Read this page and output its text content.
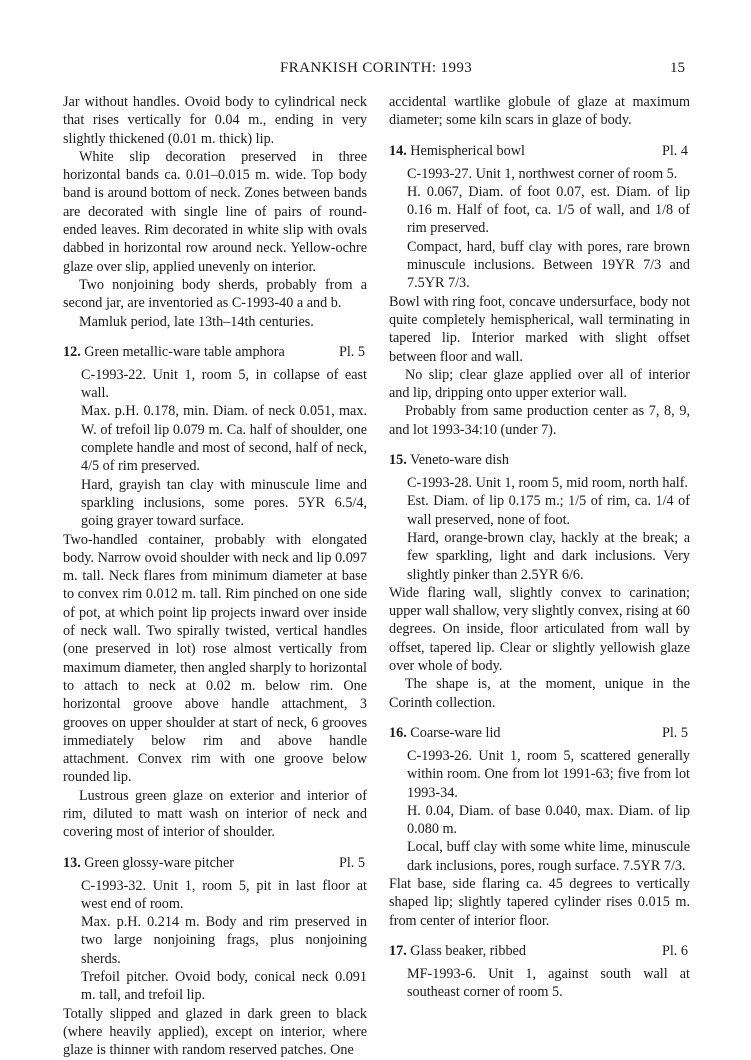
FRANKISH CORINTH: 1993	15

Jar without handles. Ovoid body to cylindrical neck that rises vertically for 0.04 m., ending in very slightly thickened (0.01 m. thick) lip.

White slip decoration preserved in three horizontal bands ca. 0.01–0.015 m. wide. Top body band is around bottom of neck. Zones between bands are decorated with single line of pairs of round-ended leaves. Rim decorated in white slip with ovals dabbed in horizontal row around neck. Yellow-ochre glaze over slip, applied unevenly on interior.

Two nonjoining body sherds, probably from a second jar, are inventoried as C-1993-40 a and b.

Mamluk period, late 13th–14th centuries.

12. Green metallic-ware table amphora	Pl. 5

C-1993-22. Unit 1, room 5, in collapse of east wall.

Max. p.H. 0.178, min. Diam. of neck 0.051, max. W. of trefoil lip 0.079 m. Ca. half of shoulder, one complete handle and most of second, half of neck, 4/5 of rim preserved.

Hard, grayish tan clay with minuscule lime and sparkling inclusions, some pores. 5YR 6.5/4, going grayer toward surface.

Two-handled container, probably with elongated body. Narrow ovoid shoulder with neck and lip 0.097 m. tall. Neck flares from minimum diameter at base to convex rim 0.012 m. tall. Rim pinched on one side of pot, at which point lip projects inward over inside of neck wall. Two spirally twisted, vertical handles (one preserved in lot) rose almost vertically from maximum diameter, then angled sharply to horizontal to attach to neck at 0.02 m. below rim. One horizontal groove above handle attachment, 3 grooves on upper shoulder at start of neck, 6 grooves immediately below rim and above handle attachment. Convex rim with one groove below rounded lip.

Lustrous green glaze on exterior and interior of rim, diluted to matt wash on interior of neck and covering most of interior of shoulder.

13. Green glossy-ware pitcher	Pl. 5

C-1993-32. Unit 1, room 5, pit in last floor at west end of room.

Max. p.H. 0.214 m. Body and rim preserved in two large nonjoining frags, plus nonjoining sherds.

Trefoil pitcher. Ovoid body, conical neck 0.091 m. tall, and trefoil lip.

Totally slipped and glazed in dark green to black (where heavily applied), except on interior, where glaze is thinner with random reserved patches. One

accidental wartlike globule of glaze at maximum diameter; some kiln scars in glaze of body.

14. Hemispherical bowl	Pl. 4

C-1993-27. Unit 1, northwest corner of room 5.

H. 0.067, Diam. of foot 0.07, est. Diam. of lip 0.16 m. Half of foot, ca. 1/5 of wall, and 1/8 of rim preserved.

Compact, hard, buff clay with pores, rare brown minuscule inclusions. Between 19YR 7/3 and 7.5YR 7/3.

Bowl with ring foot, concave undersurface, body not quite completely hemispherical, wall terminating in tapered lip. Interior marked with slight offset between floor and wall.

No slip; clear glaze applied over all of interior and lip, dripping onto upper exterior wall.

Probably from same production center as 7, 8, 9, and lot 1993-34:10 (under 7).

15. Veneto-ware dish

C-1993-28. Unit 1, room 5, mid room, north half.

Est. Diam. of lip 0.175 m.; 1/5 of rim, ca. 1/4 of wall preserved, none of foot.

Hard, orange-brown clay, hackly at the break; a few sparkling, light and dark inclusions. Very slightly pinker than 2.5YR 6/6.

Wide flaring wall, slightly convex to carination; upper wall shallow, very slightly convex, rising at 60 degrees. On inside, floor articulated from wall by offset, tapered lip. Clear or slightly yellowish glaze over whole of body.

The shape is, at the moment, unique in the Corinth collection.

16. Coarse-ware lid	Pl. 5

C-1993-26. Unit 1, room 5, scattered generally within room. One from lot 1991-63; five from lot 1993-34.

H. 0.04, Diam. of base 0.040, max. Diam. of lip 0.080 m.

Local, buff clay with some white lime, minuscule dark inclusions, pores, rough surface. 7.5YR 7/3.

Flat base, side flaring ca. 45 degrees to vertically shaped lip; slightly tapered cylinder rises 0.015 m. from center of interior floor.

17. Glass beaker, ribbed	Pl. 6

MF-1993-6. Unit 1, against south wall at southeast corner of room 5.
